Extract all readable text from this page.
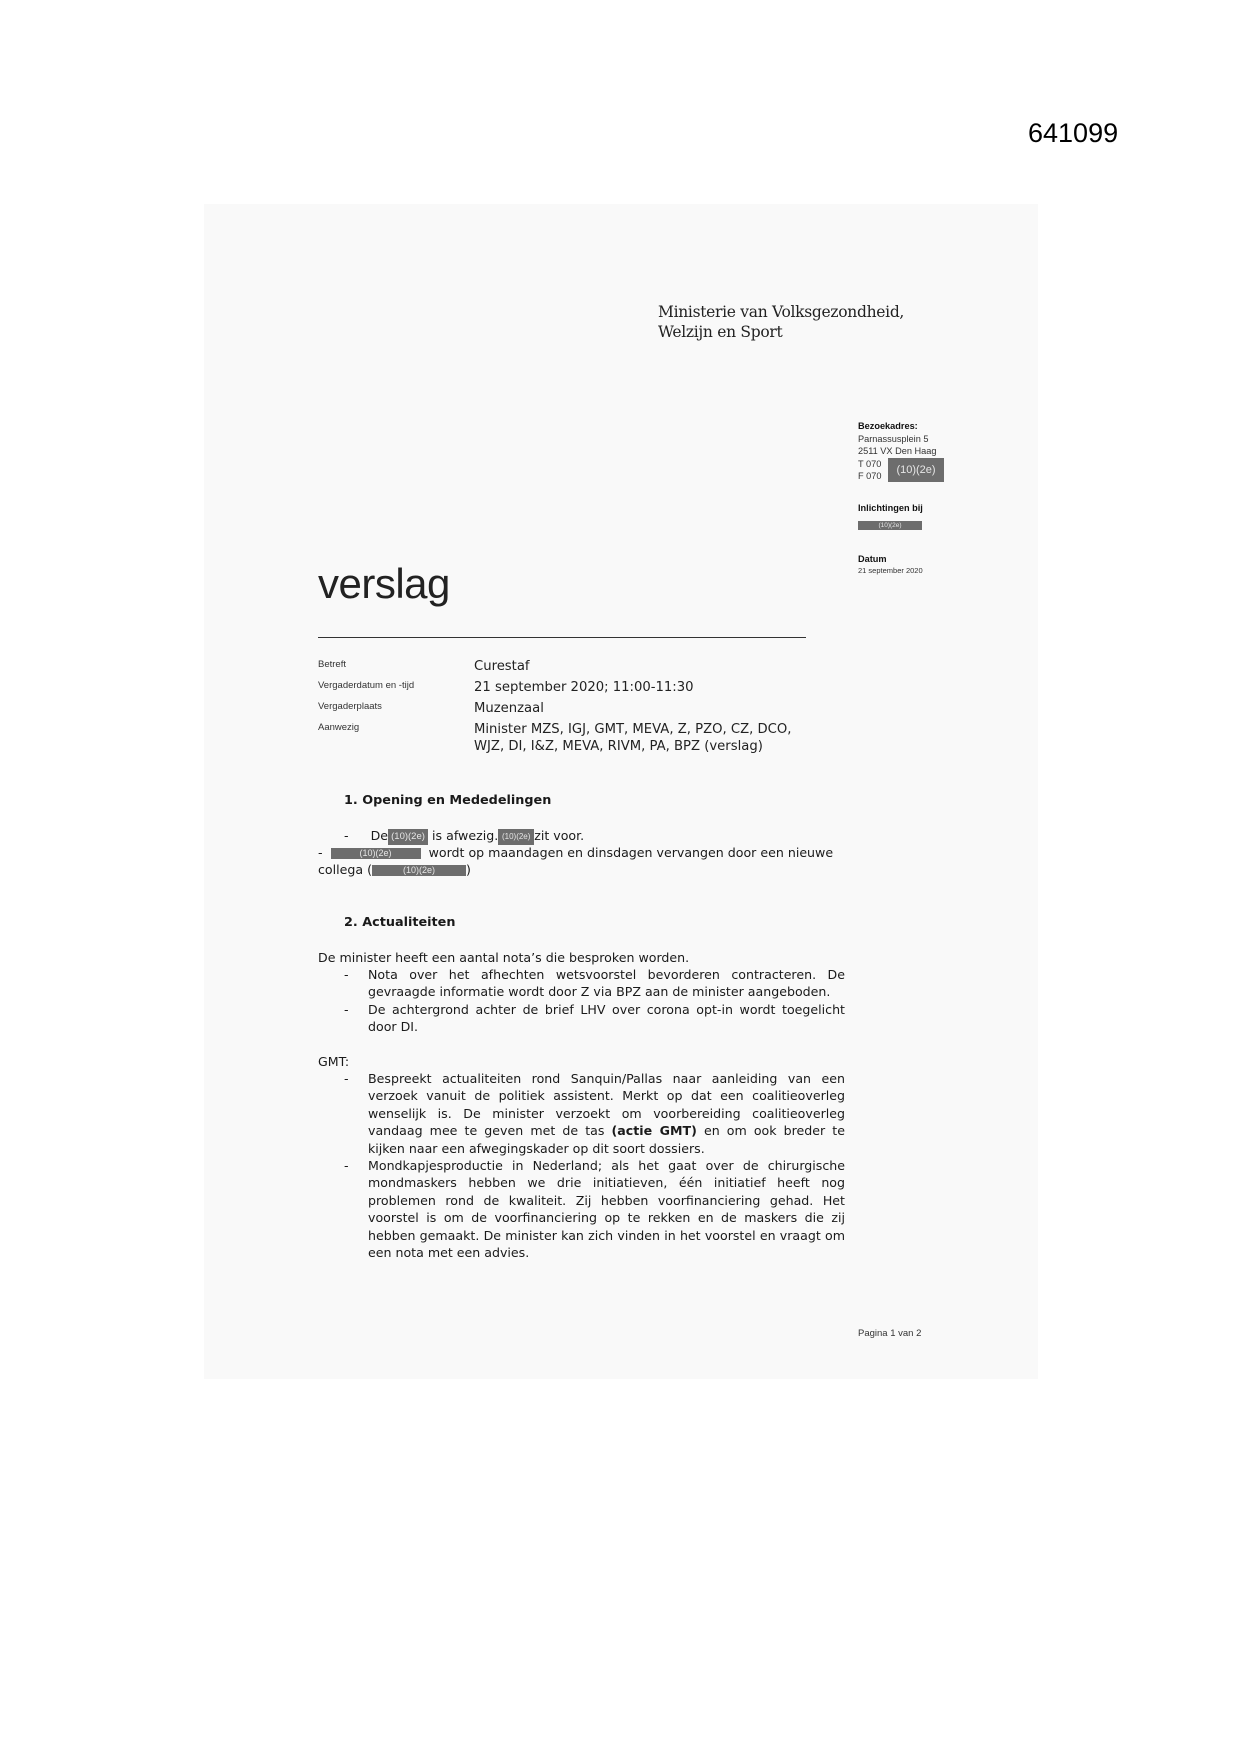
641099
Ministerie van Volksgezondheid,
Welzijn en Sport
Bezoekadres:
Parnassusplein 5
2511 VX Den Haag
T 070
F 070	(10)(2e)
Inlichtingen bij
(10)(2e)
Datum
21 september 2020
verslag
Betreft	Curestaf
Vergaderdatum en -tijd	21 september 2020; 11:00-11:30
Vergaderplaats	Muzenzaal
Aanwezig	Minister MZS, IGJ, GMT, MEVA, Z, PZO, CZ, DCO,
WJZ, DI, I&Z, MEVA, RIVM, PA, BPZ (verslag)
1. Opening en Mededelingen
- De (10)(2e) is afwezig. (10)(2e) zit voor.
-	(10)(2e)	wordt op maandagen en dinsdagen vervangen door een nieuwe
collega (	(10)(2e) )
2. Actualiteiten
De minister heeft een aantal nota’s die besproken worden.
- Nota over het afhechten wetsvoorstel bevorderen contracteren. De gevraagde informatie wordt door Z via BPZ aan de minister aangeboden.
- De achtergrond achter de brief LHV over corona opt-in wordt toegelicht door DI.
GMT:
- Bespreekt actualiteiten rond Sanquin/Pallas naar aanleiding van een verzoek vanuit de politiek assistent. Merkt op dat een coalitieoverleg wenselijk is. De minister verzoekt om voorbereiding coalitieoverleg vandaag mee te geven met de tas (actie GMT) en om ook breder te kijken naar een afwegingskader op dit soort dossiers.
- Mondkapjesproductie in Nederland; als het gaat over de chirurgische mondmaskers hebben we drie initiatieven, één initiatief heeft nog problemen rond de kwaliteit. Zij hebben voorfinanciering gehad. Het voorstel is om de voorfinanciering op te rekken en de maskers die zij hebben gemaakt. De minister kan zich vinden in het voorstel en vraagt om een nota met een advies.
Pagina 1 van 2
